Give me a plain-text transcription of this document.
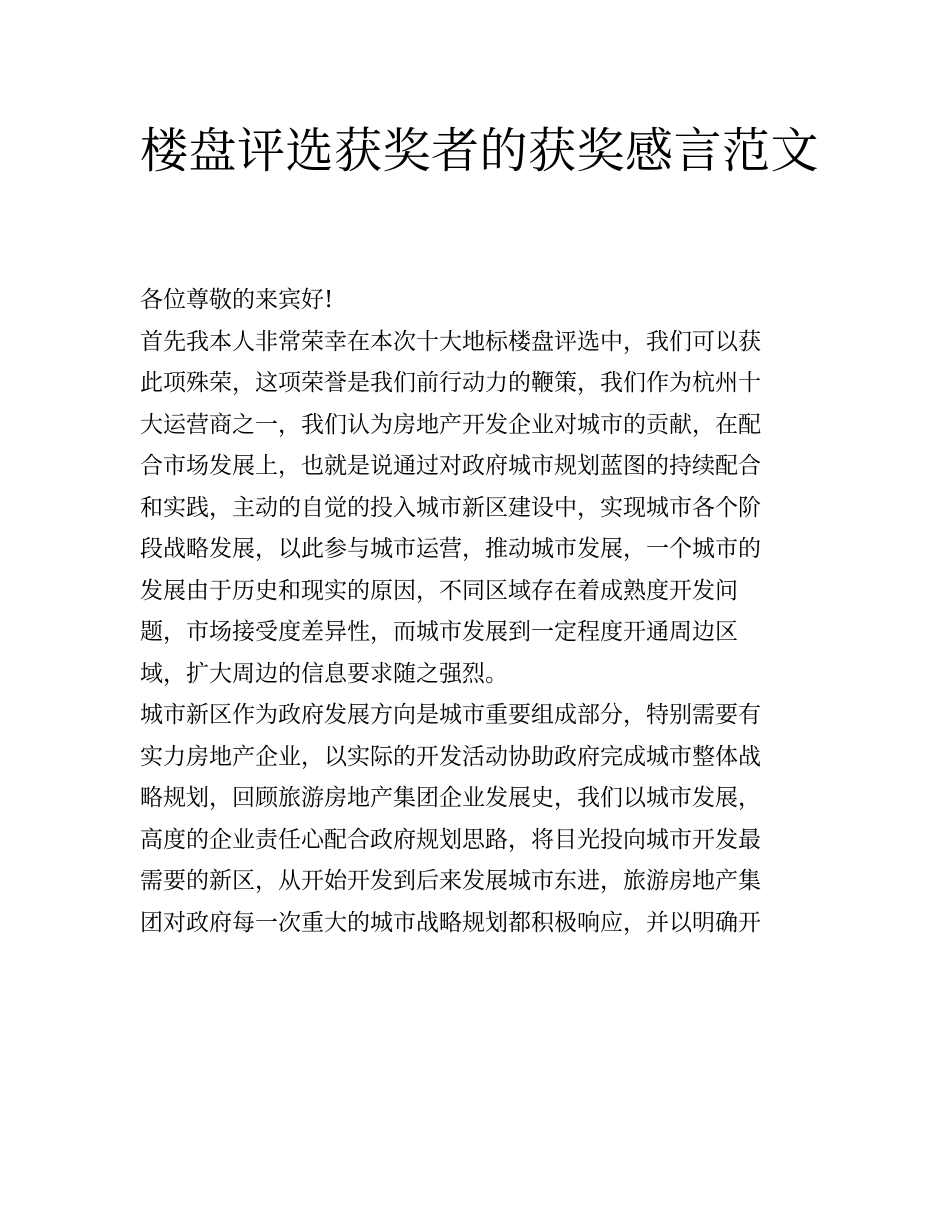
楼盘评选获奖者的获奖感言范文

各位尊敬的来宾好!

首先我本人非常荣幸在本次十大地标楼盘评选中，我们可以获
此项殊荣，这项荣誉是我们前行动力的鞭策，我们作为杭州十
大运营商之一，我们认为房地产开发企业对城市的贡献，在配
合市场发展上，也就是说通过对政府城市规划蓝图的持续配合
和实践，主动的自觉的投入城市新区建设中，实现城市各个阶
段战略发展，以此参与城市运营，推动城市发展，一个城市的
发展由于历史和现实的原因，不同区域存在着成熟度开发问
题，市场接受度差异性，而城市发展到一定程度开通周边区
域，扩大周边的信息要求随之强烈。

城市新区作为政府发展方向是城市重要组成部分，特别需要有
实力房地产企业，以实际的开发活动协助政府完成城市整体战
略规划，回顾旅游房地产集团企业发展史，我们以城市发展，
高度的企业责任心配合政府规划思路，将目光投向城市开发最
需要的新区，从开始开发到后来发展城市东进，旅游房地产集
团对政府每一次重大的城市战略规划都积极响应，并以明确开
